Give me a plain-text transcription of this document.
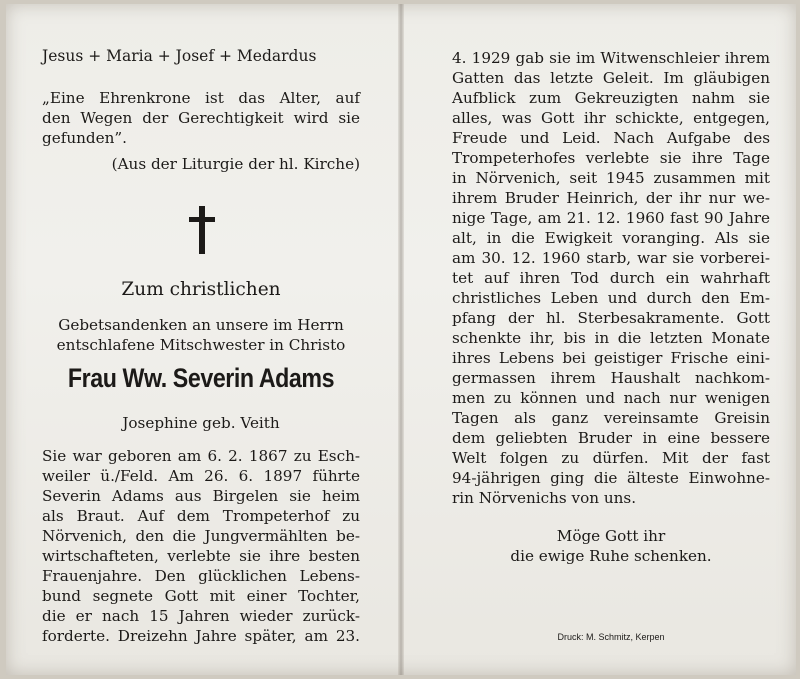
Jesus + Maria + Josef + Medardus
„Eine Ehrenkrone ist das Alter, auf
den Wegen der Gerechtigkeit wird sie
gefunden”.
(Aus der Liturgie der hl. Kirche)
Zum christlichen
Gebetsandenken an unsere im Herrn
entschlafene Mitschwester in Christo
Frau Ww. Severin Adams
Josephine geb. Veith
Sie war geboren am 6. 2. 1867 zu Esch-
weiler ü./Feld. Am 26. 6. 1897 führte
Severin Adams aus Birgelen sie heim
als Braut. Auf dem Trompeterhof zu
Nörvenich, den die Jungvermählten be-
wirtschafteten, verlebte sie ihre besten
Frauenjahre. Den glücklichen Lebens-
bund segnete Gott mit einer Tochter,
die er nach 15 Jahren wieder zurück-
forderte. Dreizehn Jahre später, am 23.
4. 1929 gab sie im Witwenschleier ihrem
Gatten das letzte Geleit. Im gläubigen
Aufblick zum Gekreuzigten nahm sie
alles, was Gott ihr schickte, entgegen,
Freude und Leid. Nach Aufgabe des
Trompeterhofes verlebte sie ihre Tage
in Nörvenich, seit 1945 zusammen mit
ihrem Bruder Heinrich, der ihr nur we-
nige Tage, am 21. 12. 1960 fast 90 Jahre
alt, in die Ewigkeit voranging. Als sie
am 30. 12. 1960 starb, war sie vorberei-
tet auf ihren Tod durch ein wahrhaft
christliches Leben und durch den Em-
pfang der hl. Sterbesakramente. Gott
schenkte ihr, bis in die letzten Monate
ihres Lebens bei geistiger Frische eini-
germassen ihrem Haushalt nachkom-
men zu können und nach nur wenigen
Tagen als ganz vereinsamte Greisin
dem geliebten Bruder in eine bessere
Welt folgen zu dürfen. Mit der fast
94-jährigen ging die älteste Einwohne-
rin Nörvenichs von uns.
Möge Gott ihr
die ewige Ruhe schenken.
Druck: M. Schmitz, Kerpen
